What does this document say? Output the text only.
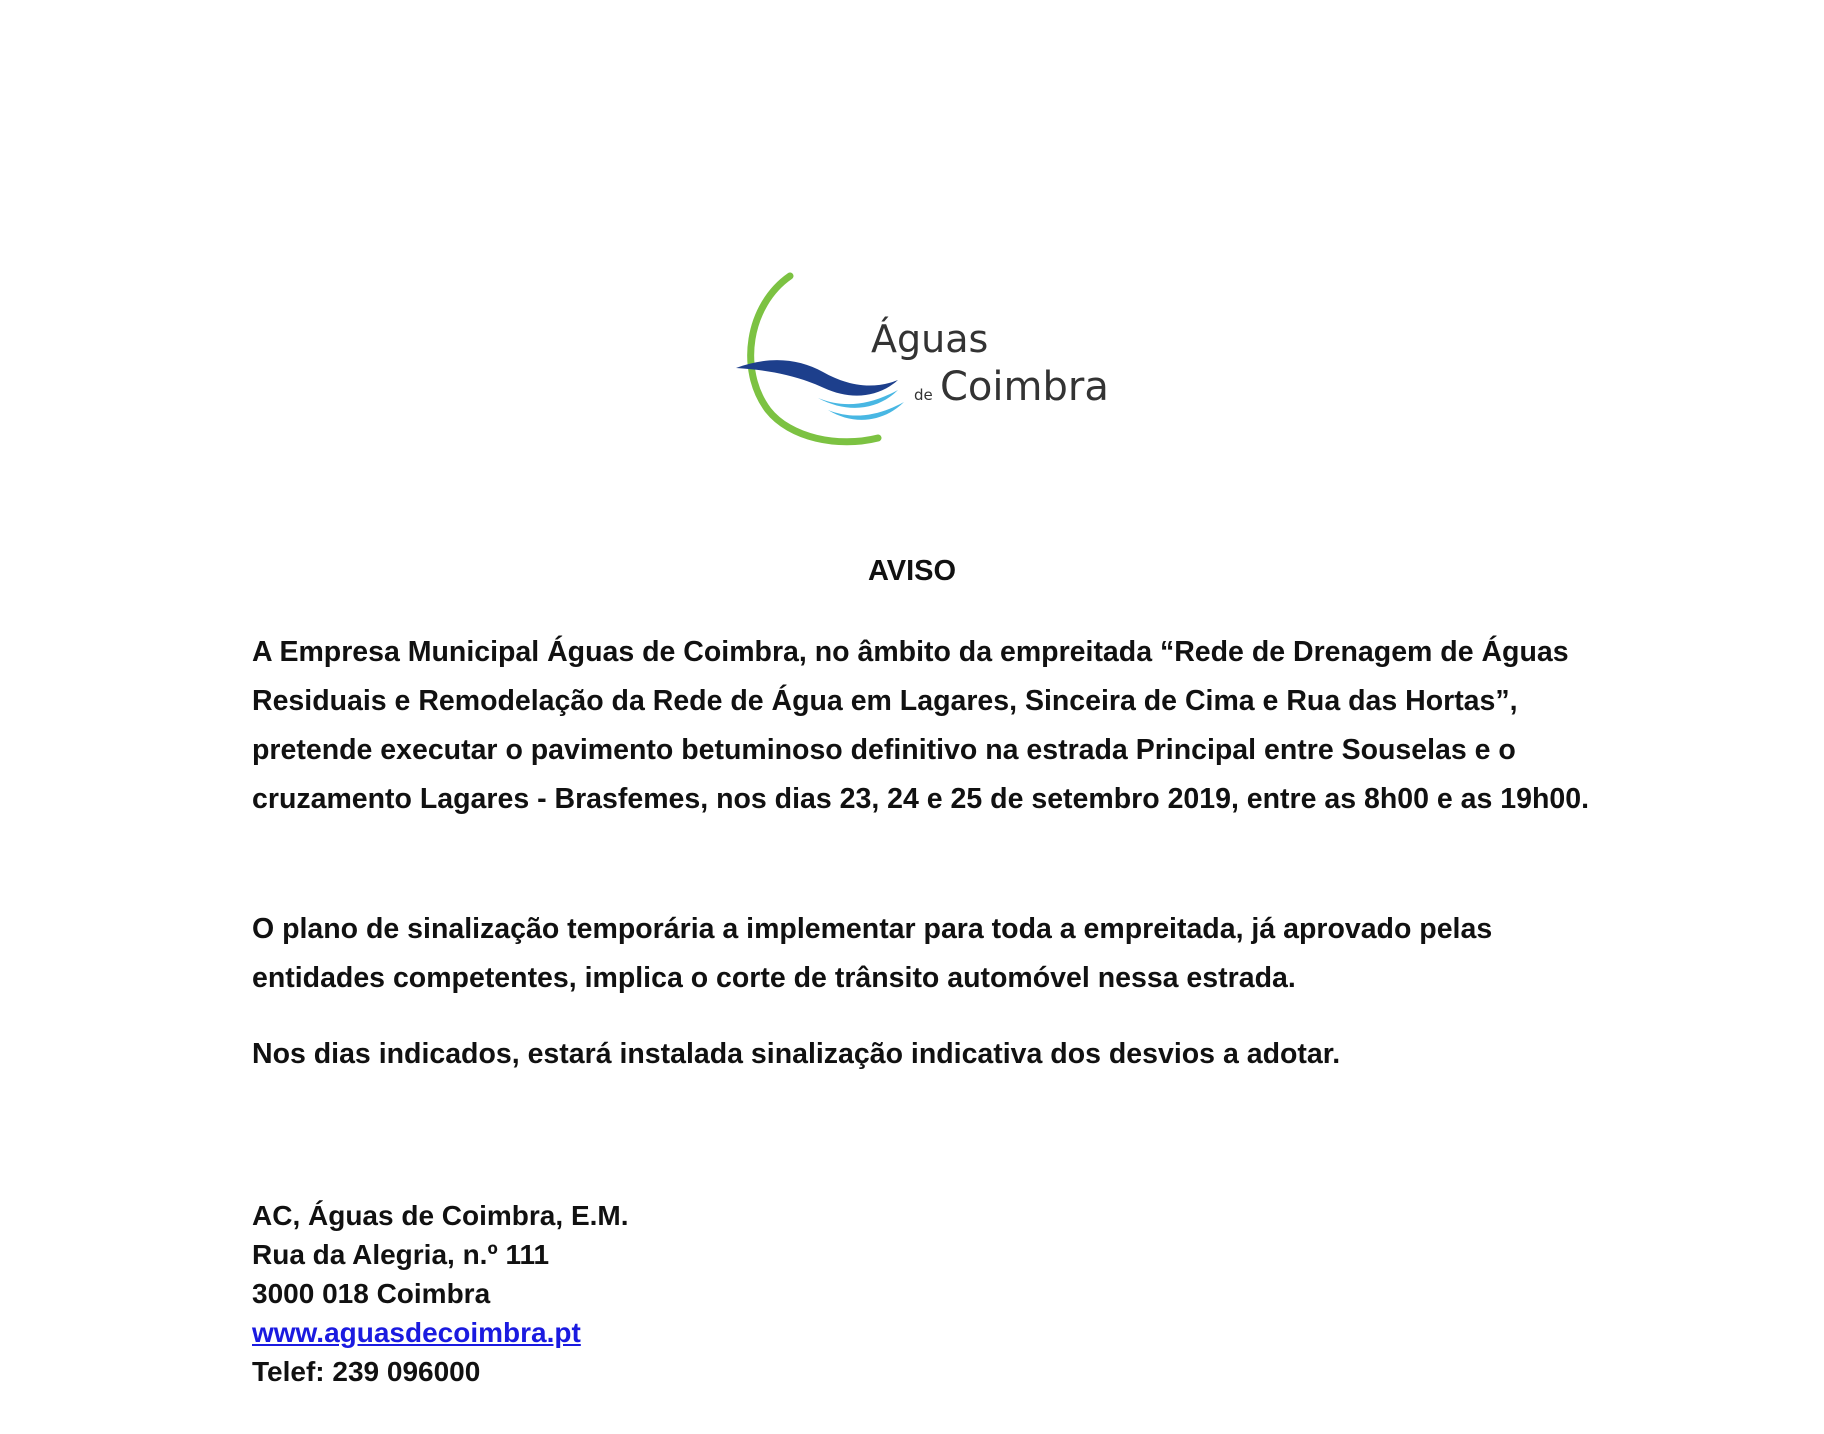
Águas
de Coimbra
AVISO

A Empresa Municipal Águas de Coimbra, no âmbito da empreitada “Rede de Drenagem de Águas Residuais e Remodelação da Rede de Água em Lagares, Sinceira de Cima e Rua das Hortas”, pretende executar o pavimento betuminoso definitivo na estrada Principal entre Souselas e o cruzamento Lagares - Brasfemes, nos dias 23, 24 e 25 de setembro 2019, entre as 8h00 e as 19h00.

O plano de sinalização temporária a implementar para toda a empreitada, já aprovado pelas entidades competentes, implica o corte de trânsito automóvel nessa estrada.

Nos dias indicados, estará instalada sinalização indicativa dos desvios a adotar.

AC, Águas de Coimbra, E.M.
Rua da Alegria, n.º 111
3000 018 Coimbra
www.aguasdecoimbra.pt
Telef: 239 096000
